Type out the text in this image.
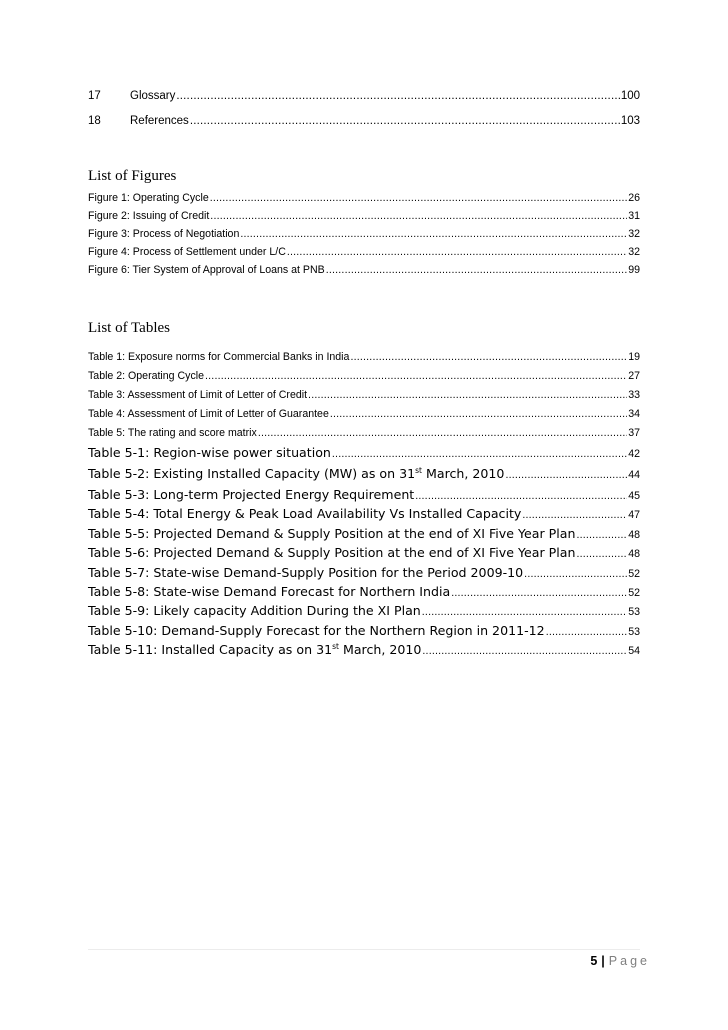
17	Glossary .....	100
18	References .....	103
List of Figures
Figure 1: Operating Cycle .....	26
Figure 2: Issuing of Credit .....	31
Figure 3: Process of Negotiation .....	32
Figure 4: Process of Settlement under L/C .....	32
Figure 6: Tier System of Approval of Loans at PNB .....	99
List of Tables
Table 1: Exposure norms for Commercial Banks in India .....	19
Table 2: Operating Cycle .....	27
Table 3: Assessment of Limit of Letter of Credit .....	33
Table 4: Assessment of Limit of Letter of Guarantee .....	34
Table 5: The rating and score matrix .....	37
Table 5-1: Region-wise power situation .....	42
Table 5-2: Existing Installed Capacity (MW) as on 31st March, 2010 .....	44
Table 5-3: Long-term Projected Energy Requirement .....	45
Table 5-4: Total Energy & Peak Load Availability Vs Installed Capacity .....	47
Table 5-5: Projected Demand & Supply Position at the end of XI Five Year Plan .....	48
Table 5-6: Projected Demand & Supply Position at the end of XI Five Year Plan .....	48
Table 5-7: State-wise Demand-Supply Position for the Period 2009-10 .....	52
Table 5-8: State-wise Demand Forecast for Northern India .....	52
Table 5-9: Likely capacity Addition During the XI Plan .....	53
Table 5-10: Demand-Supply Forecast for the Northern Region in 2011-12 .....	53
Table 5-11: Installed Capacity as on 31st March, 2010 .....	54
5 | Page
